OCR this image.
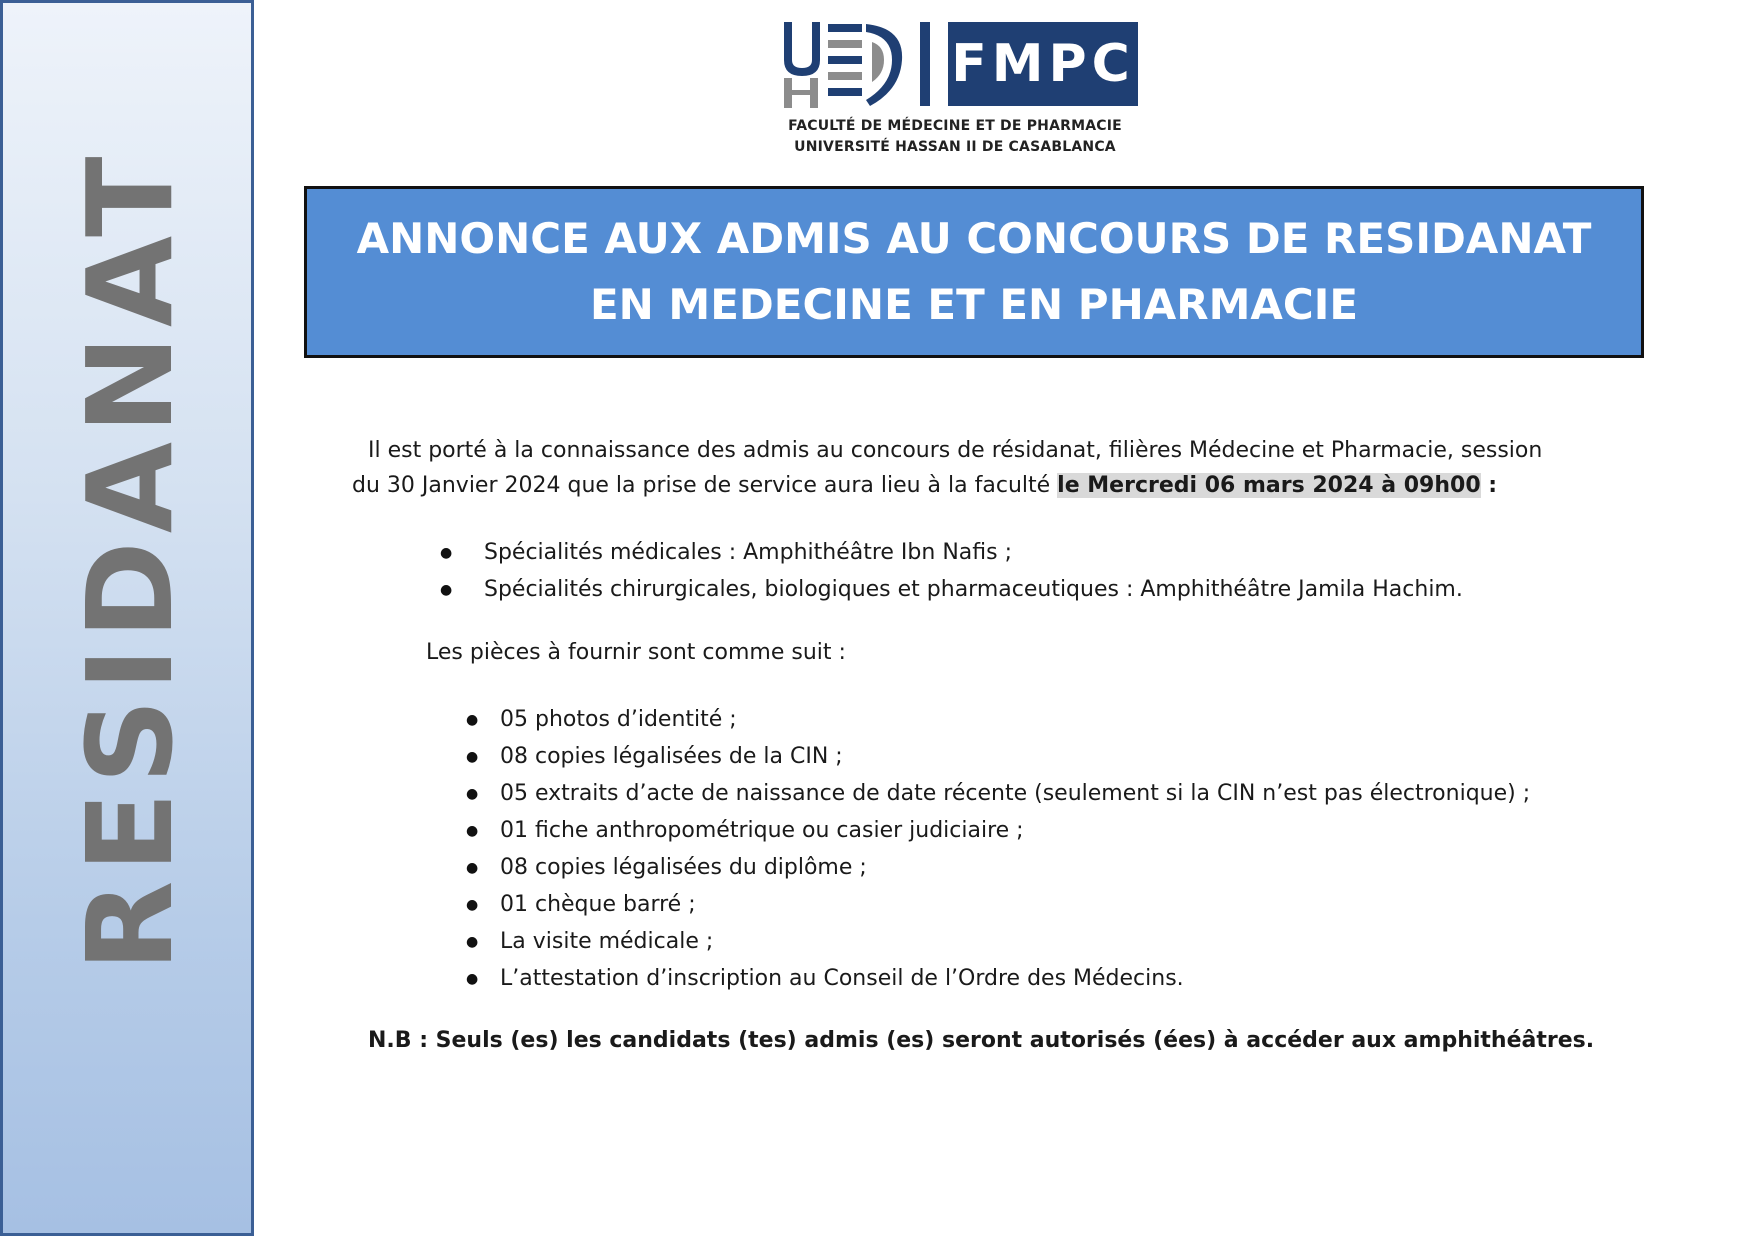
RESIDANAT
FMPC
FACULTÉ DE MÉDECINE ET DE PHARMACIE
UNIVERSITÉ HASSAN II DE CASABLANCA
ANNONCE AUX ADMIS AU CONCOURS DE RESIDANAT
EN MEDECINE ET EN PHARMACIE
Il est porté à la connaissance des admis au concours de résidanat, filières Médecine et Pharmacie, session
du 30 Janvier 2024 que la prise de service aura lieu à la faculté le Mercredi 06 mars 2024 à 09h00 :
● Spécialités médicales : Amphithéâtre Ibn Nafis ;
● Spécialités chirurgicales, biologiques et pharmaceutiques : Amphithéâtre Jamila Hachim.
Les pièces à fournir sont comme suit :
● 05 photos d’identité ;
● 08 copies légalisées de la CIN ;
● 05 extraits d’acte de naissance de date récente (seulement si la CIN n’est pas électronique) ;
● 01 fiche anthropométrique ou casier judiciaire ;
● 08 copies légalisées du diplôme ;
● 01 chèque barré ;
● La visite médicale ;
● L’attestation d’inscription au Conseil de l’Ordre des Médecins.
N.B : Seuls (es) les candidats (tes) admis (es) seront autorisés (ées) à accéder aux amphithéâtres.
